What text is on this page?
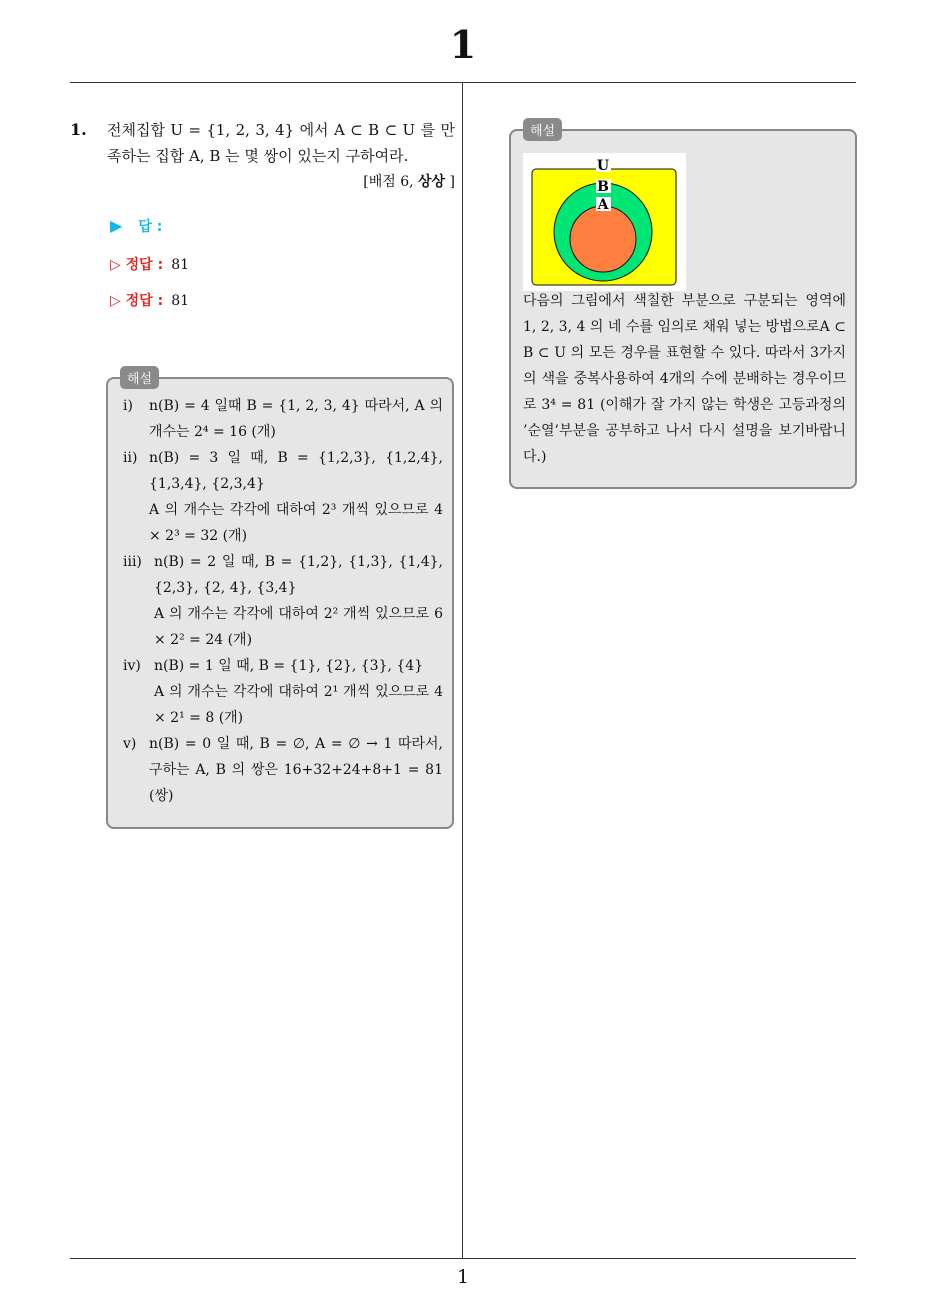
1
1
1. 전체집합 U = {1, 2, 3, 4} 에서 A ⊂ B ⊂ U 를 만족하는 집합 A, B 는 몇 쌍이 있는지 구하여라.
[배점 6, 상상 ]
▶ 답 :
▷ 정답 : 81
▷ 정답 : 81
해설
i) n(B) = 4 일때 B = {1, 2, 3, 4} 따라서, A 의 개수는 2⁴ = 16 (개)

ii) n(B) = 3 일 때, B = {1,2,3}, {1,2,4}, {1,3,4}, {2,3,4}

A 의 개수는 각각에 대하여 2³ 개씩 있으므로 4 × 2³ = 32 (개)

iii) n(B) = 2 일 때, B = {1,2}, {1,3}, {1,4}, {2,3}, {2, 4}, {3,4}

A 의 개수는 각각에 대하여 2² 개씩 있으므로 6 × 2² = 24 (개)

iv) n(B) = 1 일 때, B = {1}, {2}, {3}, {4}

A 의 개수는 각각에 대하여 2¹ 개씩 있으므로 4 × 2¹ = 8 (개)

v) n(B) = 0 일 때, B = ∅, A = ∅ → 1 따라서, 구하는 A, B 의 쌍은 16+32+24+8+1 = 81 (쌍)

해설
U
B
A
다음의 그림에서 색칠한 부분으로 구분되는 영역에 1, 2, 3, 4 의 네 수를 임의로 채워 넣는 방법으로A ⊂ B ⊂ U 의 모든 경우를 표현할 수 있다. 따라서 3가지의 색을 중복사용하여 4개의 수에 분배하는 경우이므로 3⁴ = 81 (이해가 잘 가지 않는 학생은 고등과정의 ’순열’부분을 공부하고 나서 다시 설명을 보기바랍니다.)
